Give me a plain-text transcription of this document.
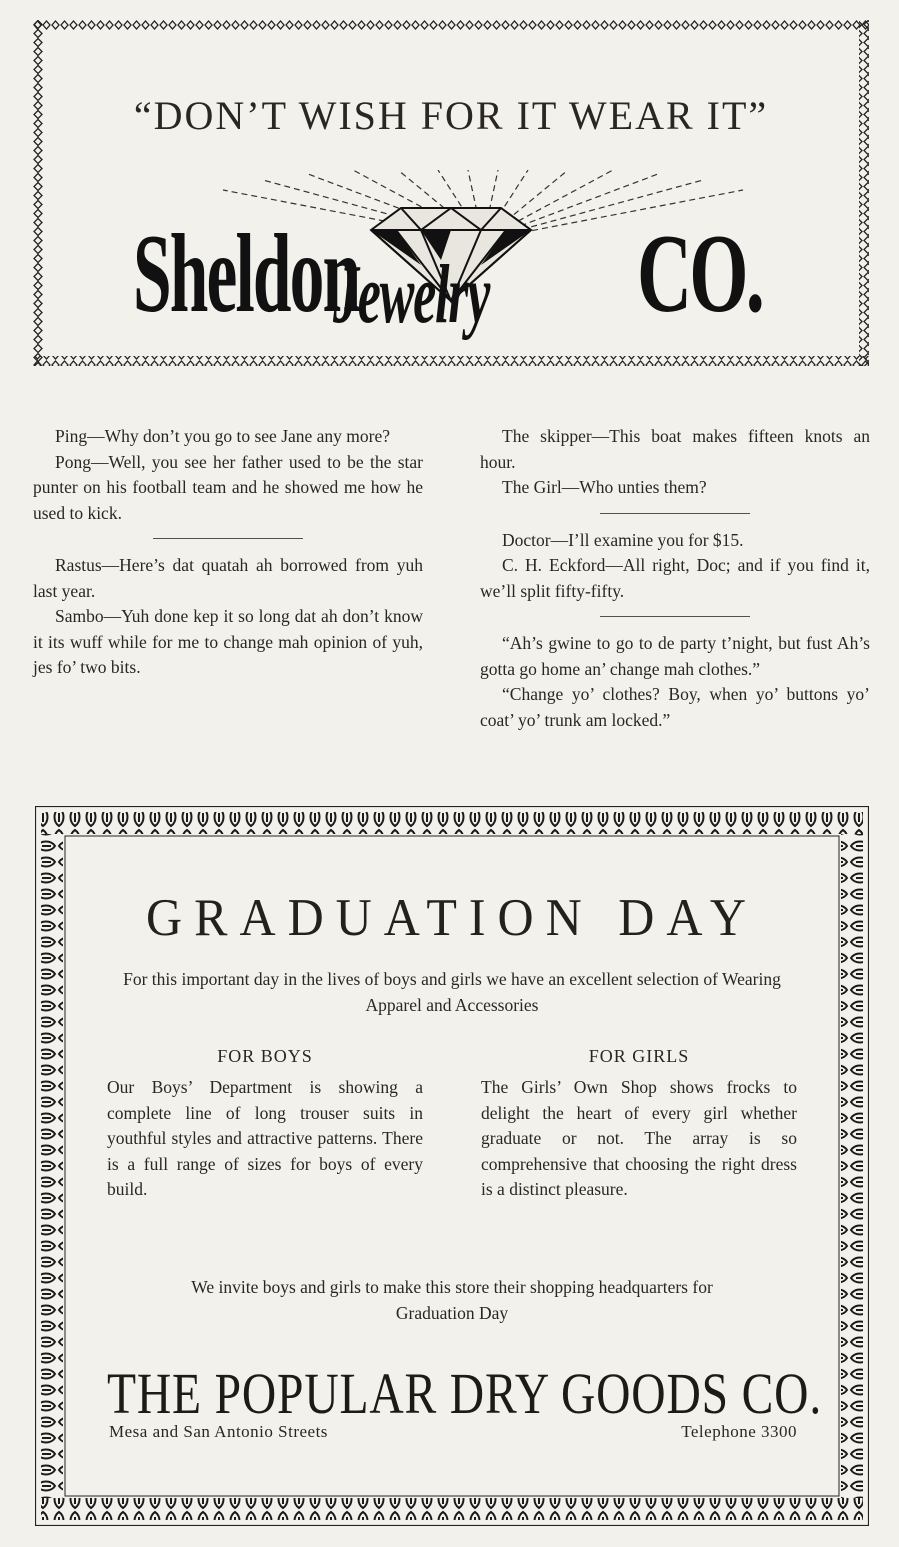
“DON’T WISH FOR IT WEAR IT”
Sheldon
Jewelry CO.

Ping—Why don’t you go to see Jane any more?

Pong—Well, you see her father used to be the star punter on his football team and he showed me how he used to kick.

Rastus—Here’s dat quatah ah borrowed from yuh last year.

Sambo—Yuh done kep it so long dat ah don’t know it its wuff while for me to change mah opinion of yuh, jes fo’ two bits.

The skipper—This boat makes fifteen knots an hour.

The Girl—Who unties them?

Doctor—I’ll examine you for $15.

C. H. Eckford—All right, Doc; and if you find it, we’ll split fifty-fifty.

“Ah’s gwine to go to de party t’night, but fust Ah’s gotta go home an’ change mah clothes.”

“Change yo’ clothes? Boy, when yo’ buttons yo’ coat’ yo’ trunk am locked.”

GRADUATION DAY
For this important day in the lives of boys and girls we have an excellent selection of Wearing Apparel and Accessories
FOR BOYS

Our Boys’ Department is showing a complete line of long trouser suits in youthful styles and attractive patterns. There is a full range of sizes for boys of every build.

FOR GIRLS

The Girls’ Own Shop shows frocks to delight the heart of every girl whether graduate or not. The array is so comprehensive that choosing the right dress is a distinct pleasure.

We invite boys and girls to make this store their shopping headquarters for Graduation Day
THE POPULAR DRY GOODS CO.
Mesa and San Antonio Streets	Telephone 3300
